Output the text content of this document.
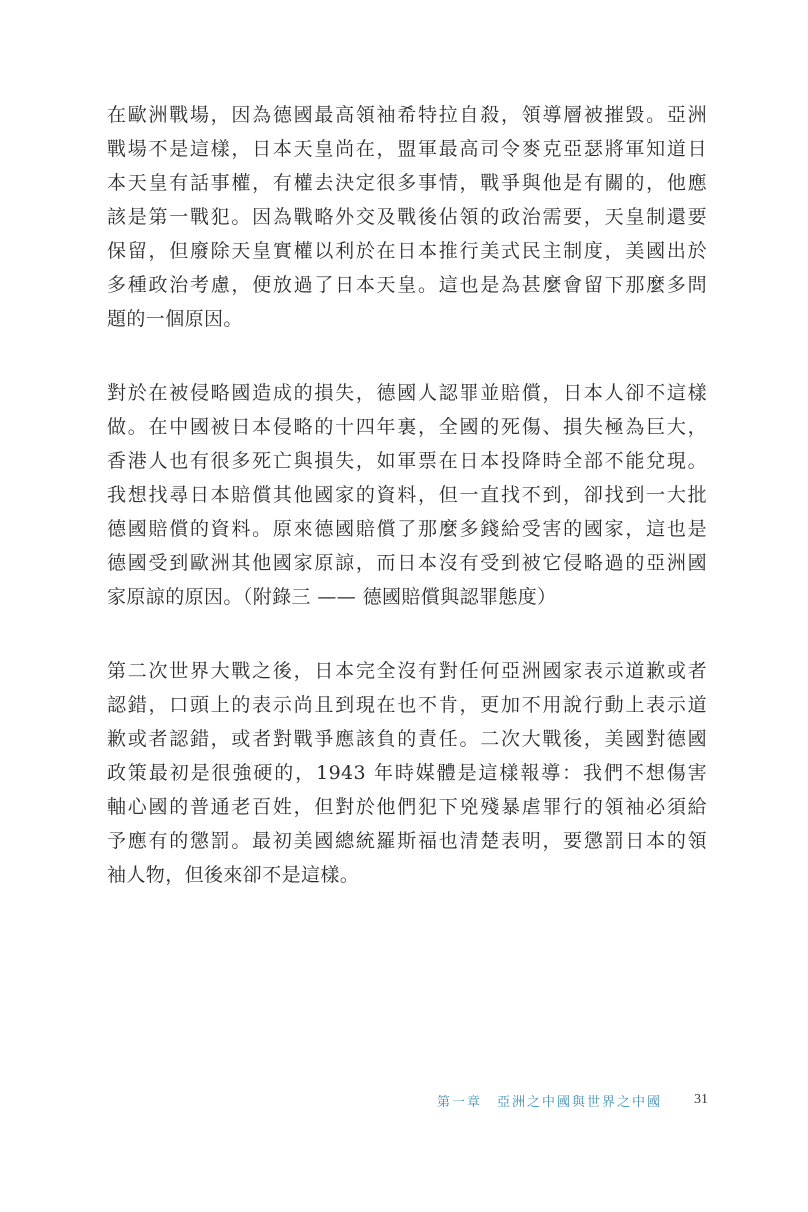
在歐洲戰場，因為德國最高領袖希特拉自殺，領導層被摧毀。亞洲
戰場不是這樣，日本天皇尚在，盟軍最高司令麥克亞瑟將軍知道日
本天皇有話事權，有權去決定很多事情，戰爭與他是有關的，他應
該是第一戰犯。因為戰略外交及戰後佔領的政治需要，天皇制還要
保留，但廢除天皇實權以利於在日本推行美式民主制度，美國出於
多種政治考慮，便放過了日本天皇。這也是為甚麼會留下那麼多問
題的一個原因。
對於在被侵略國造成的損失，德國人認罪並賠償，日本人卻不這樣
做。在中國被日本侵略的十四年裏，全國的死傷、損失極為巨大，
香港人也有很多死亡與損失，如軍票在日本投降時全部不能兌現。
我想找尋日本賠償其他國家的資料，但一直找不到，卻找到一大批
德國賠償的資料。原來德國賠償了那麼多錢給受害的國家，這也是
德國受到歐洲其他國家原諒，而日本沒有受到被它侵略過的亞洲國
家原諒的原因。（附錄三 —— 德國賠償與認罪態度）
第二次世界大戰之後，日本完全沒有對任何亞洲國家表示道歉或者
認錯，口頭上的表示尚且到現在也不肯，更加不用說行動上表示道
歉或者認錯，或者對戰爭應該負的責任。二次大戰後，美國對德國
政策最初是很強硬的，1943 年時媒體是這樣報導：我們不想傷害
軸心國的普通老百姓，但對於他們犯下兇殘暴虐罪行的領袖必須給
予應有的懲罰。最初美國總統羅斯福也清楚表明，要懲罰日本的領
袖人物，但後來卻不是這樣。
第一章　亞洲之中國與世界之中國 31
